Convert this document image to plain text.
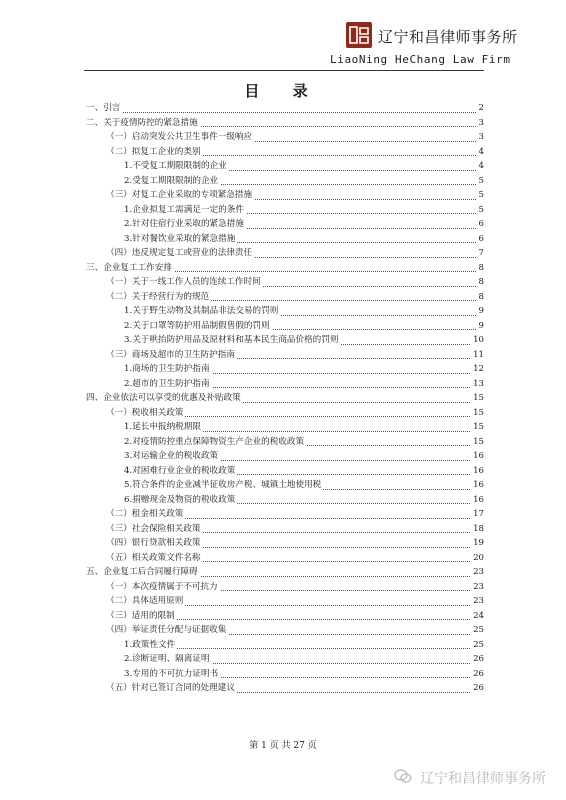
辽宁和昌律师事务所
LiaoNing HeChang Law Firm
目 录
一、引言	2
二、关于疫情防控的紧急措施	3
（一）启动突发公共卫生事件一级响应	3
（二）拟复工企业的类别	4
1.不受复工期限限制的企业	4
2.受复工期限限制的企业	5
（三）对复工企业采取的专项紧急措施	5
1.企业拟复工需满足一定的条件	5
2.针对住宿行业采取的紧急措施	6
3.针对餐饮业采取的紧急措施	6
（四）违反规定复工或营业的法律责任	7
三、企业复工工作安排	8
（一）关于一线工作人员的连续工作时间	8
（二）关于经营行为的规范	8
1.关于野生动物及其制品非法交易的罚则	9
2.关于口罩等防护用品制假售假的罚则	9
3.关于哄抬防护用品及原材料和基本民生商品价格的罚则	10
（三）商场及超市的卫生防护指南	11
1.商场的卫生防护指南	12
2.超市的卫生防护指南	13
四、企业依法可以享受的优惠及补贴政策	15
（一）税收相关政策	15
1.延长申报纳税期限	15
2.对疫情防控重点保障物资生产企业的税收政策	15
3.对运输企业的税收政策	16
4.对困难行业企业的税收政策	16
5.符合条件的企业减半征收房产税、城镇土地使用税	16
6.捐赠现金及物资的税收政策	16
（二）租金相关政策	17
（三）社会保险相关政策	18
（四）银行贷款相关政策	19
（五）相关政策文件名称	20
五、企业复工后合同履行障碍	23
（一）本次疫情属于不可抗力	23
（二）具体适用原则	23
（三）适用的限制	24
（四）举证责任分配与证据收集	25
1.政策性文件	25
2.诊断证明、隔离证明	26
3.专用的不可抗力证明书	26
（五）针对已签订合同的处理建议	26
第 1 页 共 27 页
辽宁和昌律师事务所
